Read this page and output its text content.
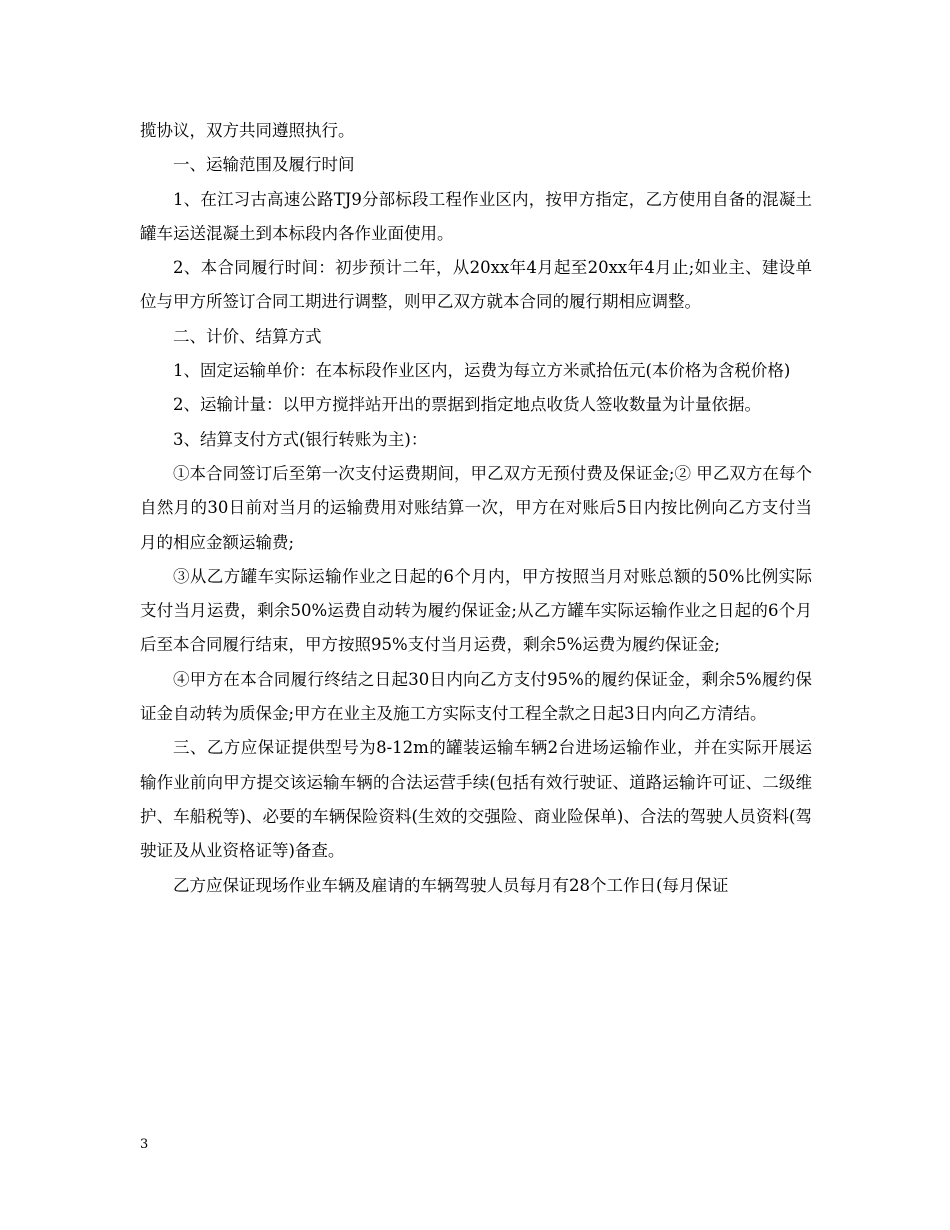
揽协议，双方共同遵照执行。

一、运输范围及履行时间

1、在江习古高速公路TJ9分部标段工程作业区内，按甲方指定，乙方使用自备的混凝土罐车运送混凝土到本标段内各作业面使用。

2、本合同履行时间：初步预计二年，从20xx年4月起至20xx年4月止;如业主、建设单位与甲方所签订合同工期进行调整，则甲乙双方就本合同的履行期相应调整。

二、计价、结算方式

1、固定运输单价：在本标段作业区内，运费为每立方米贰拾伍元(本价格为含税价格)

2、运输计量：以甲方搅拌站开出的票据到指定地点收货人签收数量为计量依据。

3、结算支付方式(银行转账为主)：

①本合同签订后至第一次支付运费期间，甲乙双方无预付费及保证金;② 甲乙双方在每个自然月的30日前对当月的运输费用对账结算一次，甲方在对账后5日内按比例向乙方支付当月的相应金额运输费;

③从乙方罐车实际运输作业之日起的6个月内，甲方按照当月对账总额的50%比例实际支付当月运费，剩余50%运费自动转为履约保证金;从乙方罐车实际运输作业之日起的6个月后至本合同履行结束，甲方按照95%支付当月运费，剩余5%运费为履约保证金;

④甲方在本合同履行终结之日起30日内向乙方支付95%的履约保证金，剩余5%履约保证金自动转为质保金;甲方在业主及施工方实际支付工程全款之日起3日内向乙方清结。

三、乙方应保证提供型号为8-12m的罐装运输车辆2台进场运输作业，并在实际开展运输作业前向甲方提交该运输车辆的合法运营手续(包括有效行驶证、道路运输许可证、二级维护、车船税等)、必要的车辆保险资料(生效的交强险、商业险保单)、合法的驾驶人员资料(驾驶证及从业资格证等)备查。

乙方应保证现场作业车辆及雇请的车辆驾驶人员每月有28个工作日(每月保证

3
